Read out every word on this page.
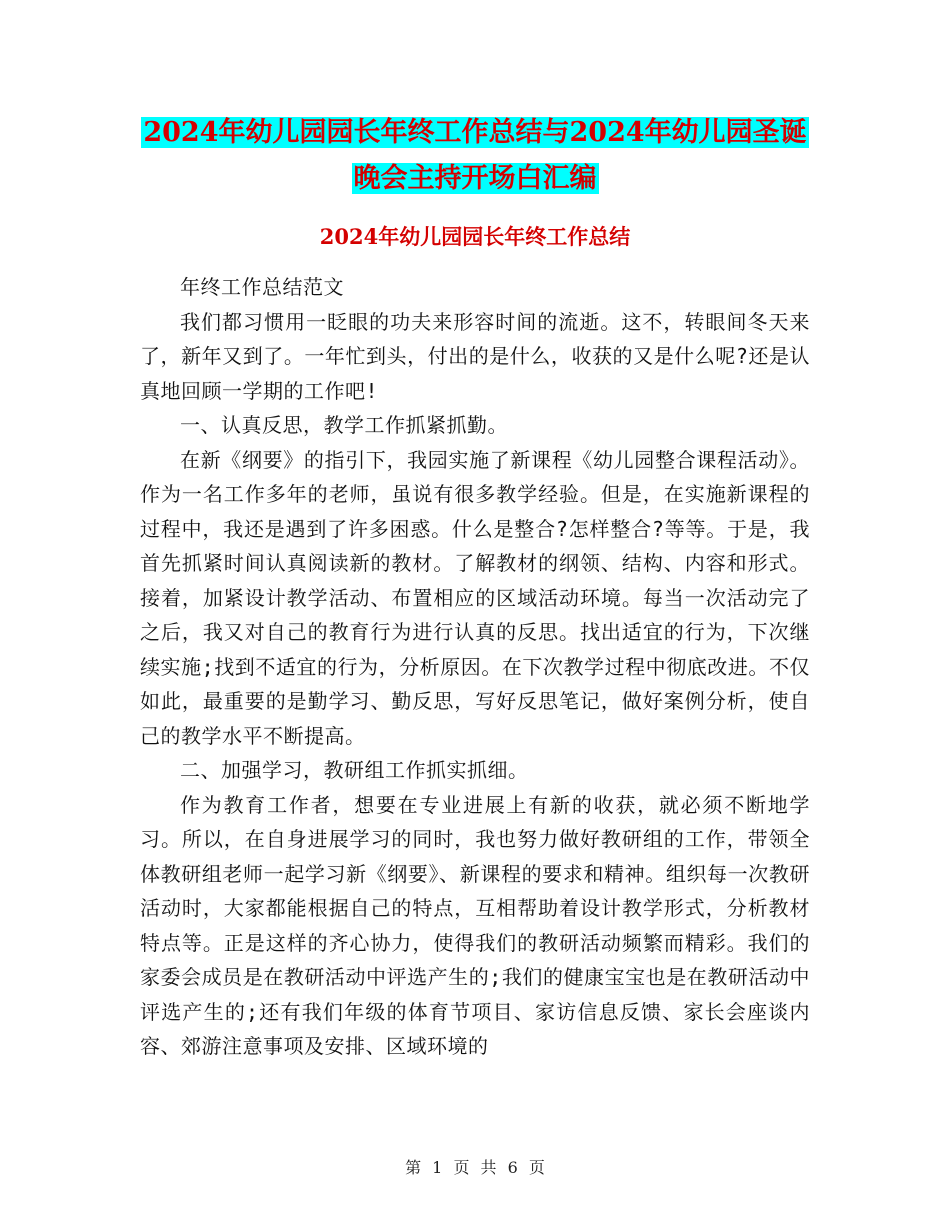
2024年幼儿园园长年终工作总结与2024年幼儿园圣诞
晚会主持开场白汇编
2024年幼儿园园长年终工作总结

年终工作总结范文

我们都习惯用一眨眼的功夫来形容时间的流逝。这不，转眼间冬天来了，新年又到了。一年忙到头，付出的是什么，收获的又是什么呢?还是认真地回顾一学期的工作吧!

一、认真反思，教学工作抓紧抓勤。

在新《纲要》的指引下，我园实施了新课程《幼儿园整合课程活动》。作为一名工作多年的老师，虽说有很多教学经验。但是，在实施新课程的过程中，我还是遇到了许多困惑。什么是整合?怎样整合?等等。于是，我首先抓紧时间认真阅读新的教材。了解教材的纲领、结构、内容和形式。接着，加紧设计教学活动、布置相应的区域活动环境。每当一次活动完了之后，我又对自己的教育行为进行认真的反思。找出适宜的行为，下次继续实施;找到不适宜的行为，分析原因。在下次教学过程中彻底改进。不仅如此，最重要的是勤学习、勤反思，写好反思笔记，做好案例分析，使自己的教学水平不断提高。

二、加强学习，教研组工作抓实抓细。

作为教育工作者，想要在专业进展上有新的收获，就必须不断地学习。所以，在自身进展学习的同时，我也努力做好教研组的工作，带领全体教研组老师一起学习新《纲要》、新课程的要求和精神。组织每一次教研活动时，大家都能根据自己的特点，互相帮助着设计教学形式，分析教材特点等。正是这样的齐心协力，使得我们的教研活动频繁而精彩。我们的家委会成员是在教研活动中评选产生的;我们的健康宝宝也是在教研活动中评选产生的;还有我们年级的体育节项目、家访信息反馈、家长会座谈内容、郊游注意事项及安排、区域环境的

第 1 页 共 6 页
